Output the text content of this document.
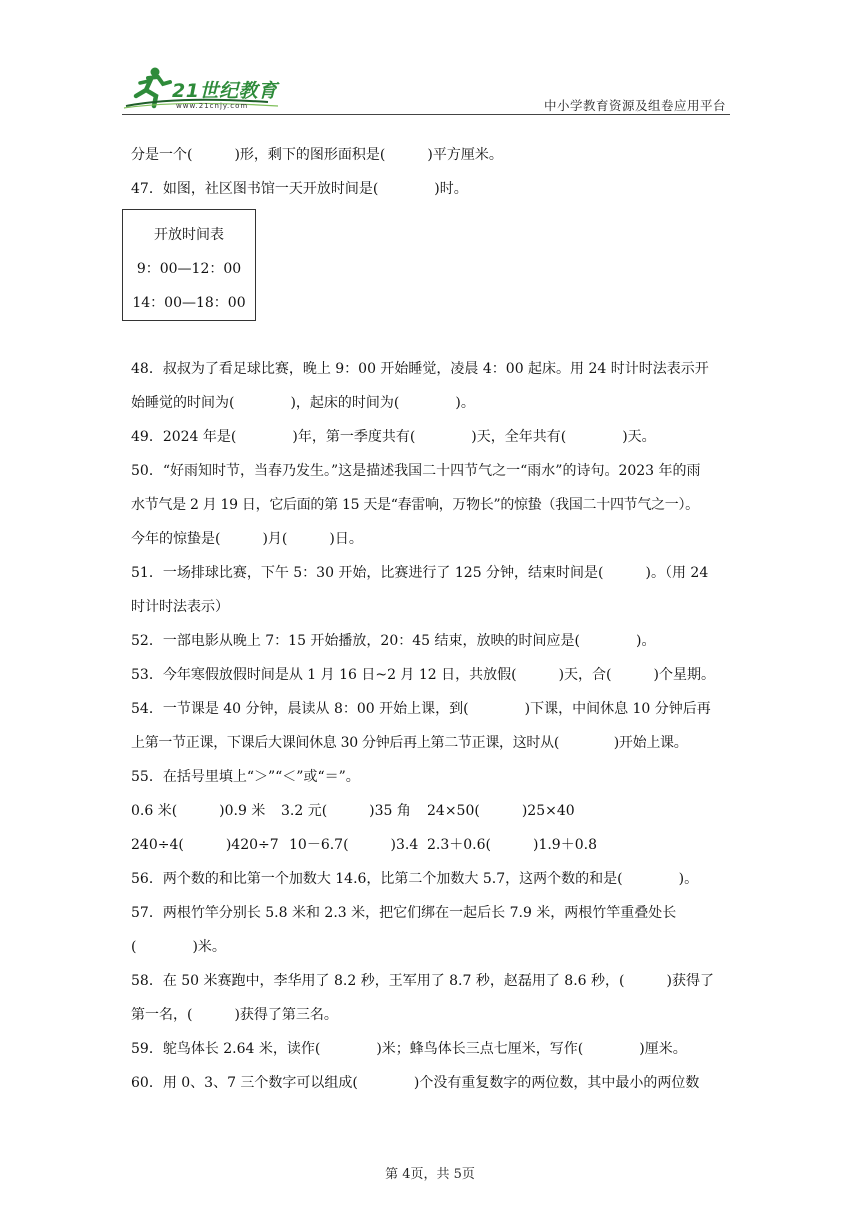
21世纪教育
www.21cnjy.com	中小学教育资源及组卷应用平台
分是一个(　　　)形，剩下的图形面积是(　　　)平方厘米。
47．如图，社区图书馆一天开放时间是(　　　　)时。
开放时间表
9：00—12：00
14：00—18：00
48．叔叔为了看足球比赛，晚上 9：00 开始睡觉，凌晨 4：00 起床。用 24 时计时法表示开
始睡觉的时间为(　　　　)，起床的时间为(　　　　)。
49．2024 年是(　　　　)年，第一季度共有(　　　　)天，全年共有(　　　　)天。
50．“好雨知时节，当春乃发生。”这是描述我国二十四节气之一“雨水”的诗句。2023 年的雨
水节气是 2 月 19 日，它后面的第 15 天是“春雷响，万物长”的惊蛰（我国二十四节气之一）。
今年的惊蛰是(　　　)月(　　　)日。
51．一场排球比赛，下午 5：30 开始，比赛进行了 125 分钟，结束时间是(　　　)。（用 24
时计时法表示）
52．一部电影从晚上 7：15 开始播放，20：45 结束，放映的时间应是(　　　　)。
53．今年寒假放假时间是从 1 月 16 日~2 月 12 日，共放假(　　　)天，合(　　　)个星期。
54．一节课是 40 分钟，晨读从 8：00 开始上课，到(　　　　)下课，中间休息 10 分钟后再
上第一节正课，下课后大课间休息 30 分钟后再上第二节正课，这时从(　　　　)开始上课。
55．在括号里填上“＞”“＜”或“＝”。
0.6 米(　　　)0.9 米 3.2 元(　　　)35 角 24×50(　　　)25×40
240÷4(　　　)420÷7 10－6.7(　　　)3.4 2.3＋0.6(　　　)1.9＋0.8
56．两个数的和比第一个加数大 14.6，比第二个加数大 5.7，这两个数的和是(　　　　)。
57．两根竹竿分别长 5.8 米和 2.3 米，把它们绑在一起后长 7.9 米，两根竹竿重叠处长
(　　　　)米。
58．在 50 米赛跑中，李华用了 8.2 秒，王军用了 8.7 秒，赵磊用了 8.6 秒，(　　　)获得了
第一名，(　　　)获得了第三名。
59．鸵鸟体长 2.64 米，读作(　　　　)米；蜂鸟体长三点七厘米，写作(　　　　)厘米。
60．用 0、3、7 三个数字可以组成(　　　　)个没有重复数字的两位数，其中最小的两位数
第 4页，共 5页
